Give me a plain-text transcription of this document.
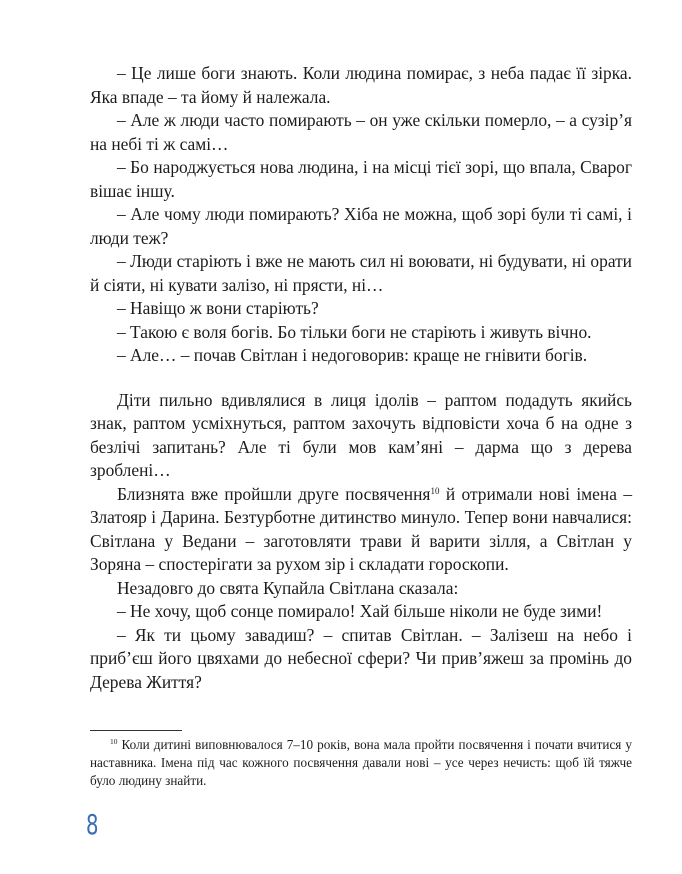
– Це лише боги знають. Коли людина помирає, з неба падає її зірка. Яка впаде – та йому й належала.

– Але ж люди часто помирають – он уже скільки померло, – а сузір’я на небі ті ж самі…

– Бо народжується нова людина, і на місці тієї зорі, що впала, Сварог вішає іншу.

– Але чому люди помирають? Хіба не можна, щоб зорі були ті самі, і люди теж?

– Люди старіють і вже не мають сил ні воювати, ні будувати, ні орати й сіяти, ні кувати залізо, ні прясти, ні…

– Навіщо ж вони старіють?

– Такою є воля богів. Бо тільки боги не старіють і живуть вічно.

– Але… – почав Світлан і недоговорив: краще не гнівити богів.

Діти пильно вдивлялися в лиця ідолів – раптом подадуть якийсь знак, раптом усміхнуться, раптом захочуть відповісти хоча б на одне з безлічі запитань? Але ті були мов кам’яні – дарма що з дерева зроблені…

Близнята вже пройшли друге посвячення$^{10}$ й отримали нові імена – Златояр і Дарина. Безтурботне дитинство минуло. Тепер вони навчалися: Світлана у Ведани – заготовляти трави й варити зілля, а Світлан у Зоряна – спостерігати за рухом зір і складати гороскопи.

Незадовго до свята Купайла Світлана сказала:

– Не хочу, щоб сонце помирало! Хай більше ніколи не буде зими!

– Як ти цьому завадиш? – спитав Світлан. – Залізеш на небо і приб’єш його цвяхами до небесної сфери? Чи прив’яжеш за промінь до Дерева Життя?

$^{10}$ Коли дитині виповнювалося 7–10 років, вона мала пройти посвячення і почати вчитися у наставника. Імена під час кожного посвячення давали нові – усе через нечисть: щоб їй тяжче було людину знайти.

8
